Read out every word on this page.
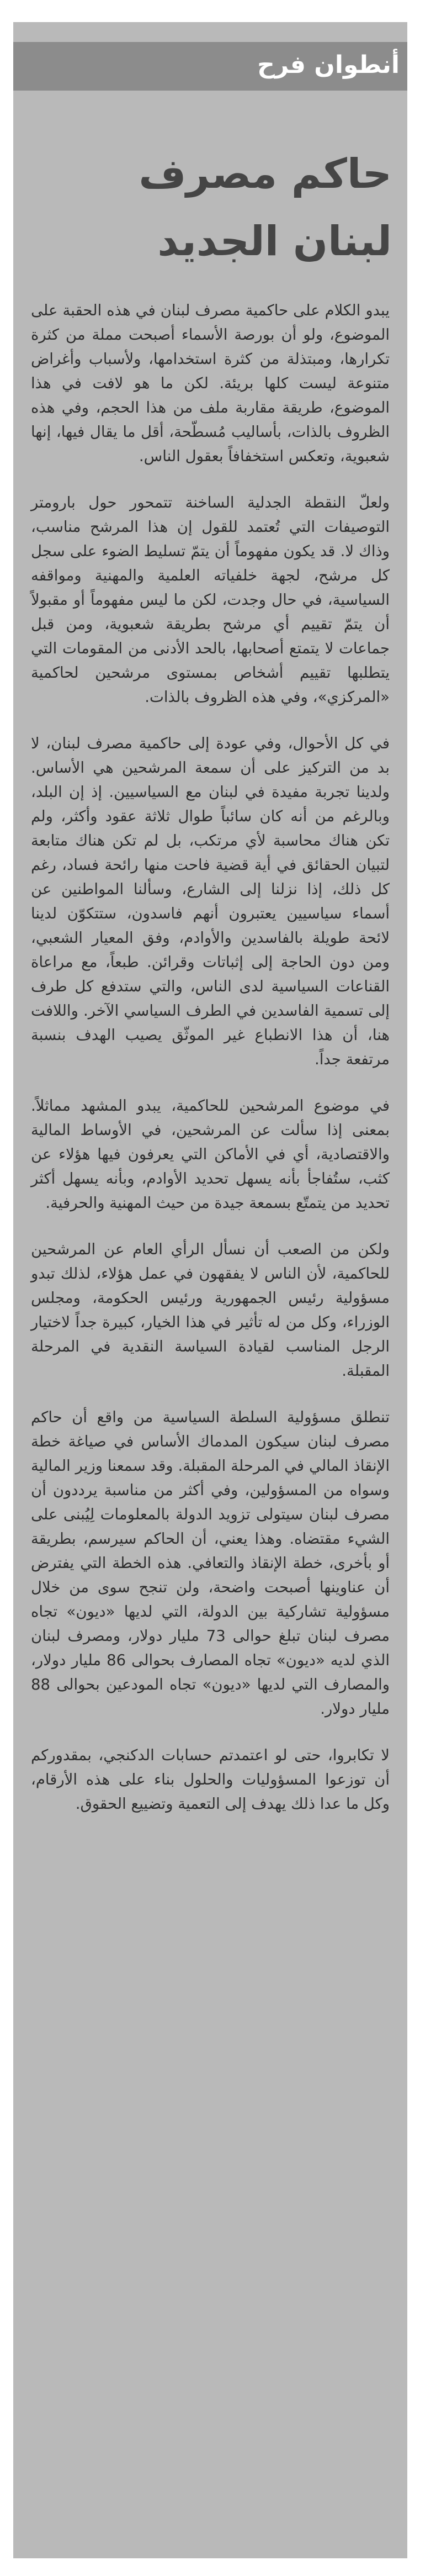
أنطوان فرح
حاكم مصرف لبنان الجديد

يبدو الكلام على حاكمية مصرف لبنان في هذه الحقبة على الموضوع، ولو أن بورصة الأسماء أصبحت مملة من كثرة تكرارها، ومبتذلة من كثرة استخدامها، ولأسباب وأغراض متنوعة ليست كلها بريئة. لكن ما هو لافت في هذا الموضوع، طريقة مقاربة ملف من هذا الحجم، وفي هذه الظروف بالذات، بأساليب مُسطّحة، أقل ما يقال فيها، إنها شعبوية، وتعكس استخفافاً بعقول الناس.

ولعلّ النقطة الجدلية الساخنة تتمحور حول بارومتر التوصيفات التي تُعتمد للقول إن هذا المرشح مناسب، وذاك لا. قد يكون مفهوماً أن يتمّ تسليط الضوء على سجل كل مرشح، لجهة خلفياته العلمية والمهنية ومواقفه السياسية، في حال وجدت، لكن ما ليس مفهوماً أو مقبولاً أن يتمّ تقييم أي مرشح بطريقة شعبوية، ومن قبل جماعات لا يتمتع أصحابها، بالحد الأدنى من المقومات التي يتطلبها تقييم أشخاص بمستوى مرشحين لحاكمية «المركزي»، وفي هذه الظروف بالذات.

في كل الأحوال، وفي عودة إلى حاكمية مصرف لبنان، لا بد من التركيز على أن سمعة المرشحين هي الأساس. ولدينا تجربة مفيدة في لبنان مع السياسيين. إذ إن البلد، وبالرغم من أنه كان سائباً طوال ثلاثة عقود وأكثر، ولم تكن هناك محاسبة لأي مرتكب، بل لم تكن هناك متابعة لتبيان الحقائق في أية قضية فاحت منها رائحة فساد، رغم كل ذلك، إذا نزلنا إلى الشارع، وسألنا المواطنين عن أسماء سياسيين يعتبرون أنهم فاسدون، ستتكوّن لدينا لائحة طويلة بالفاسدين والأوادم، وفق المعيار الشعبي، ومن دون الحاجة إلى إثباتات وقرائن. طبعاً، مع مراعاة القناعات السياسية لدى الناس، والتي ستدفع كل طرف إلى تسمية الفاسدين في الطرف السياسي الآخر. واللافت هنا، أن هذا الانطباع غير الموثّق يصيب الهدف بنسبة مرتفعة جداً.

في موضوع المرشحين للحاكمية، يبدو المشهد مماثلاً. بمعنى إذا سألت عن المرشحين، في الأوساط المالية والاقتصادية، أي في الأماكن التي يعرفون فيها هؤلاء عن كثب، ستُفاجأ بأنه يسهل تحديد الأوادم، وبأنه يسهل أكثر تحديد من يتمتّع بسمعة جيدة من حيث المهنية والحرفية.

ولكن من الصعب أن نسأل الرأي العام عن المرشحين للحاكمية، لأن الناس لا يفقهون في عمل هؤلاء، لذلك تبدو مسؤولية رئيس الجمهورية ورئيس الحكومة، ومجلس الوزراء، وكل من له تأثير في هذا الخيار، كبيرة جداً لاختيار الرجل المناسب لقيادة السياسة النقدية في المرحلة المقبلة.

تنطلق مسؤولية السلطة السياسية من واقع أن حاكم مصرف لبنان سيكون المدماك الأساس في صياغة خطة الإنقاذ المالي في المرحلة المقبلة. وقد سمعنا وزير المالية وسواه من المسؤولين، وفي أكثر من مناسبة يرددون أن مصرف لبنان سيتولى تزويد الدولة بالمعلومات لِيُبنى على الشيء مقتضاه. وهذا يعني، أن الحاكم سيرسم، بطريقة أو بأخرى، خطة الإنقاذ والتعافي. هذه الخطة التي يفترض أن عناوينها أصبحت واضحة، ولن تنجح سوى من خلال مسؤولية تشاركية بين الدولة، التي لديها «ديون» تجاه مصرف لبنان تبلغ حوالى 73 مليار دولار، ومصرف لبنان الذي لديه «ديون» تجاه المصارف بحوالى 86 مليار دولار، والمصارف التي لديها «ديون» تجاه المودعين بحوالى 88 مليار دولار.

لا تكابروا، حتى لو اعتمدتم حسابات الدكنجي، بمقدوركم أن توزعوا المسؤوليات والحلول بناء على هذه الأرقام، وكل ما عدا ذلك يهدف إلى التعمية وتضييع الحقوق.
